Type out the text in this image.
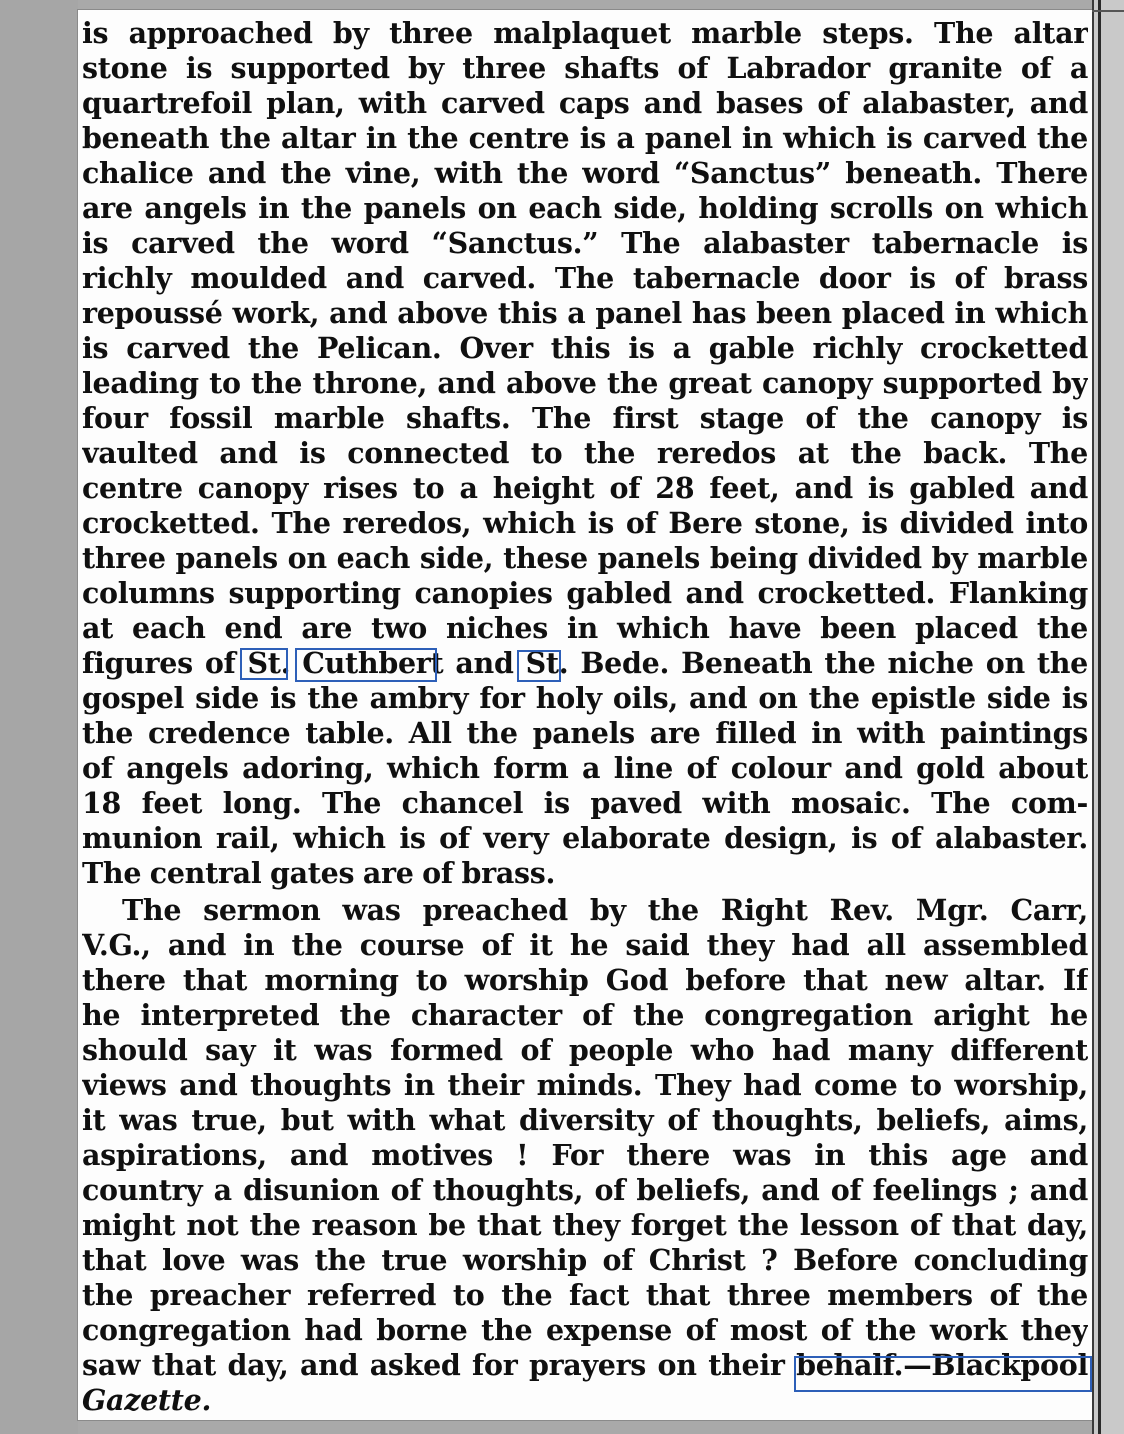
is approached by three malplaquet marble steps. The altar
stone is supported by three shafts of Labrador granite of a
quartrefoil plan, with carved caps and bases of alabaster, and
beneath the altar in the centre is a panel in which is carved the
chalice and the vine, with the word “Sanctus” beneath. There
are angels in the panels on each side, holding scrolls on which
is carved the word “Sanctus.” The alabaster tabernacle is
richly moulded and carved. The tabernacle door is of brass
repoussé work, and above this a panel has been placed in which
is carved the Pelican. Over this is a gable richly crocketted
leading to the throne, and above the great canopy supported by
four fossil marble shafts. The first stage of the canopy is
vaulted and is connected to the reredos at the back. The
centre canopy rises to a height of 28 feet, and is gabled and
crocketted. The reredos, which is of Bere stone, is divided into
three panels on each side, these panels being divided by marble
columns supporting canopies gabled and crocketted. Flanking
at each end are two niches in which have been placed the
figures of St. Cuthbert and St. Bede. Beneath the niche on the
gospel side is the ambry for holy oils, and on the epistle side is
the credence table. All the panels are filled in with paintings
of angels adoring, which form a line of colour and gold about
18 feet long. The chancel is paved with mosaic. The com-
munion rail, which is of very elaborate design, is of alabaster.
The central gates are of brass.
The sermon was preached by the Right Rev. Mgr. Carr,
V.G., and in the course of it he said they had all assembled
there that morning to worship God before that new altar. If
he interpreted the character of the congregation aright he
should say it was formed of people who had many different
views and thoughts in their minds. They had come to worship,
it was true, but with what diversity of thoughts, beliefs, aims,
aspirations, and motives ! For there was in this age and
country a disunion of thoughts, of beliefs, and of feelings ; and
might not the reason be that they forget the lesson of that day,
that love was the true worship of Christ ? Before concluding
the preacher referred to the fact that three members of the
congregation had borne the expense of most of the work they
saw that day, and asked for prayers on their behalf.—Blackpool
Gazette.
